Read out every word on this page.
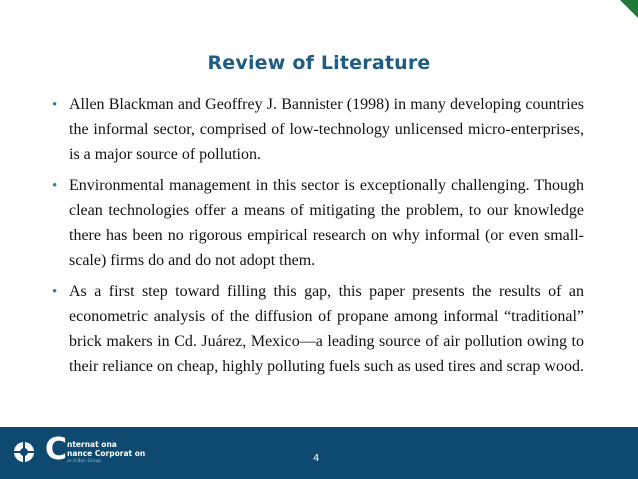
Review of Literature
• Allen Blackman and Geoffrey J. Bannister (1998) in many developing countries the informal sector, comprised of low-technology unlicensed micro-enterprises, is a major source of pollution.

• Environmental management in this sector is exceptionally challenging. Though clean technologies offer a means of mitigating the problem, to our knowledge there has been no rigorous empirical research on why informal (or even small-scale) firms do and do not adopt them.

• As a first step toward filling this gap, this paper presents the results of an econometric analysis of the diffusion of propane among informal “traditional” brick makers in Cd. Juárez, Mexico—a leading source of air pollution owing to their reliance on cheap, highly polluting fuels such as used tires and scrap wood.

C nternat ona
nance Corporat on
or d Ban Group	4
